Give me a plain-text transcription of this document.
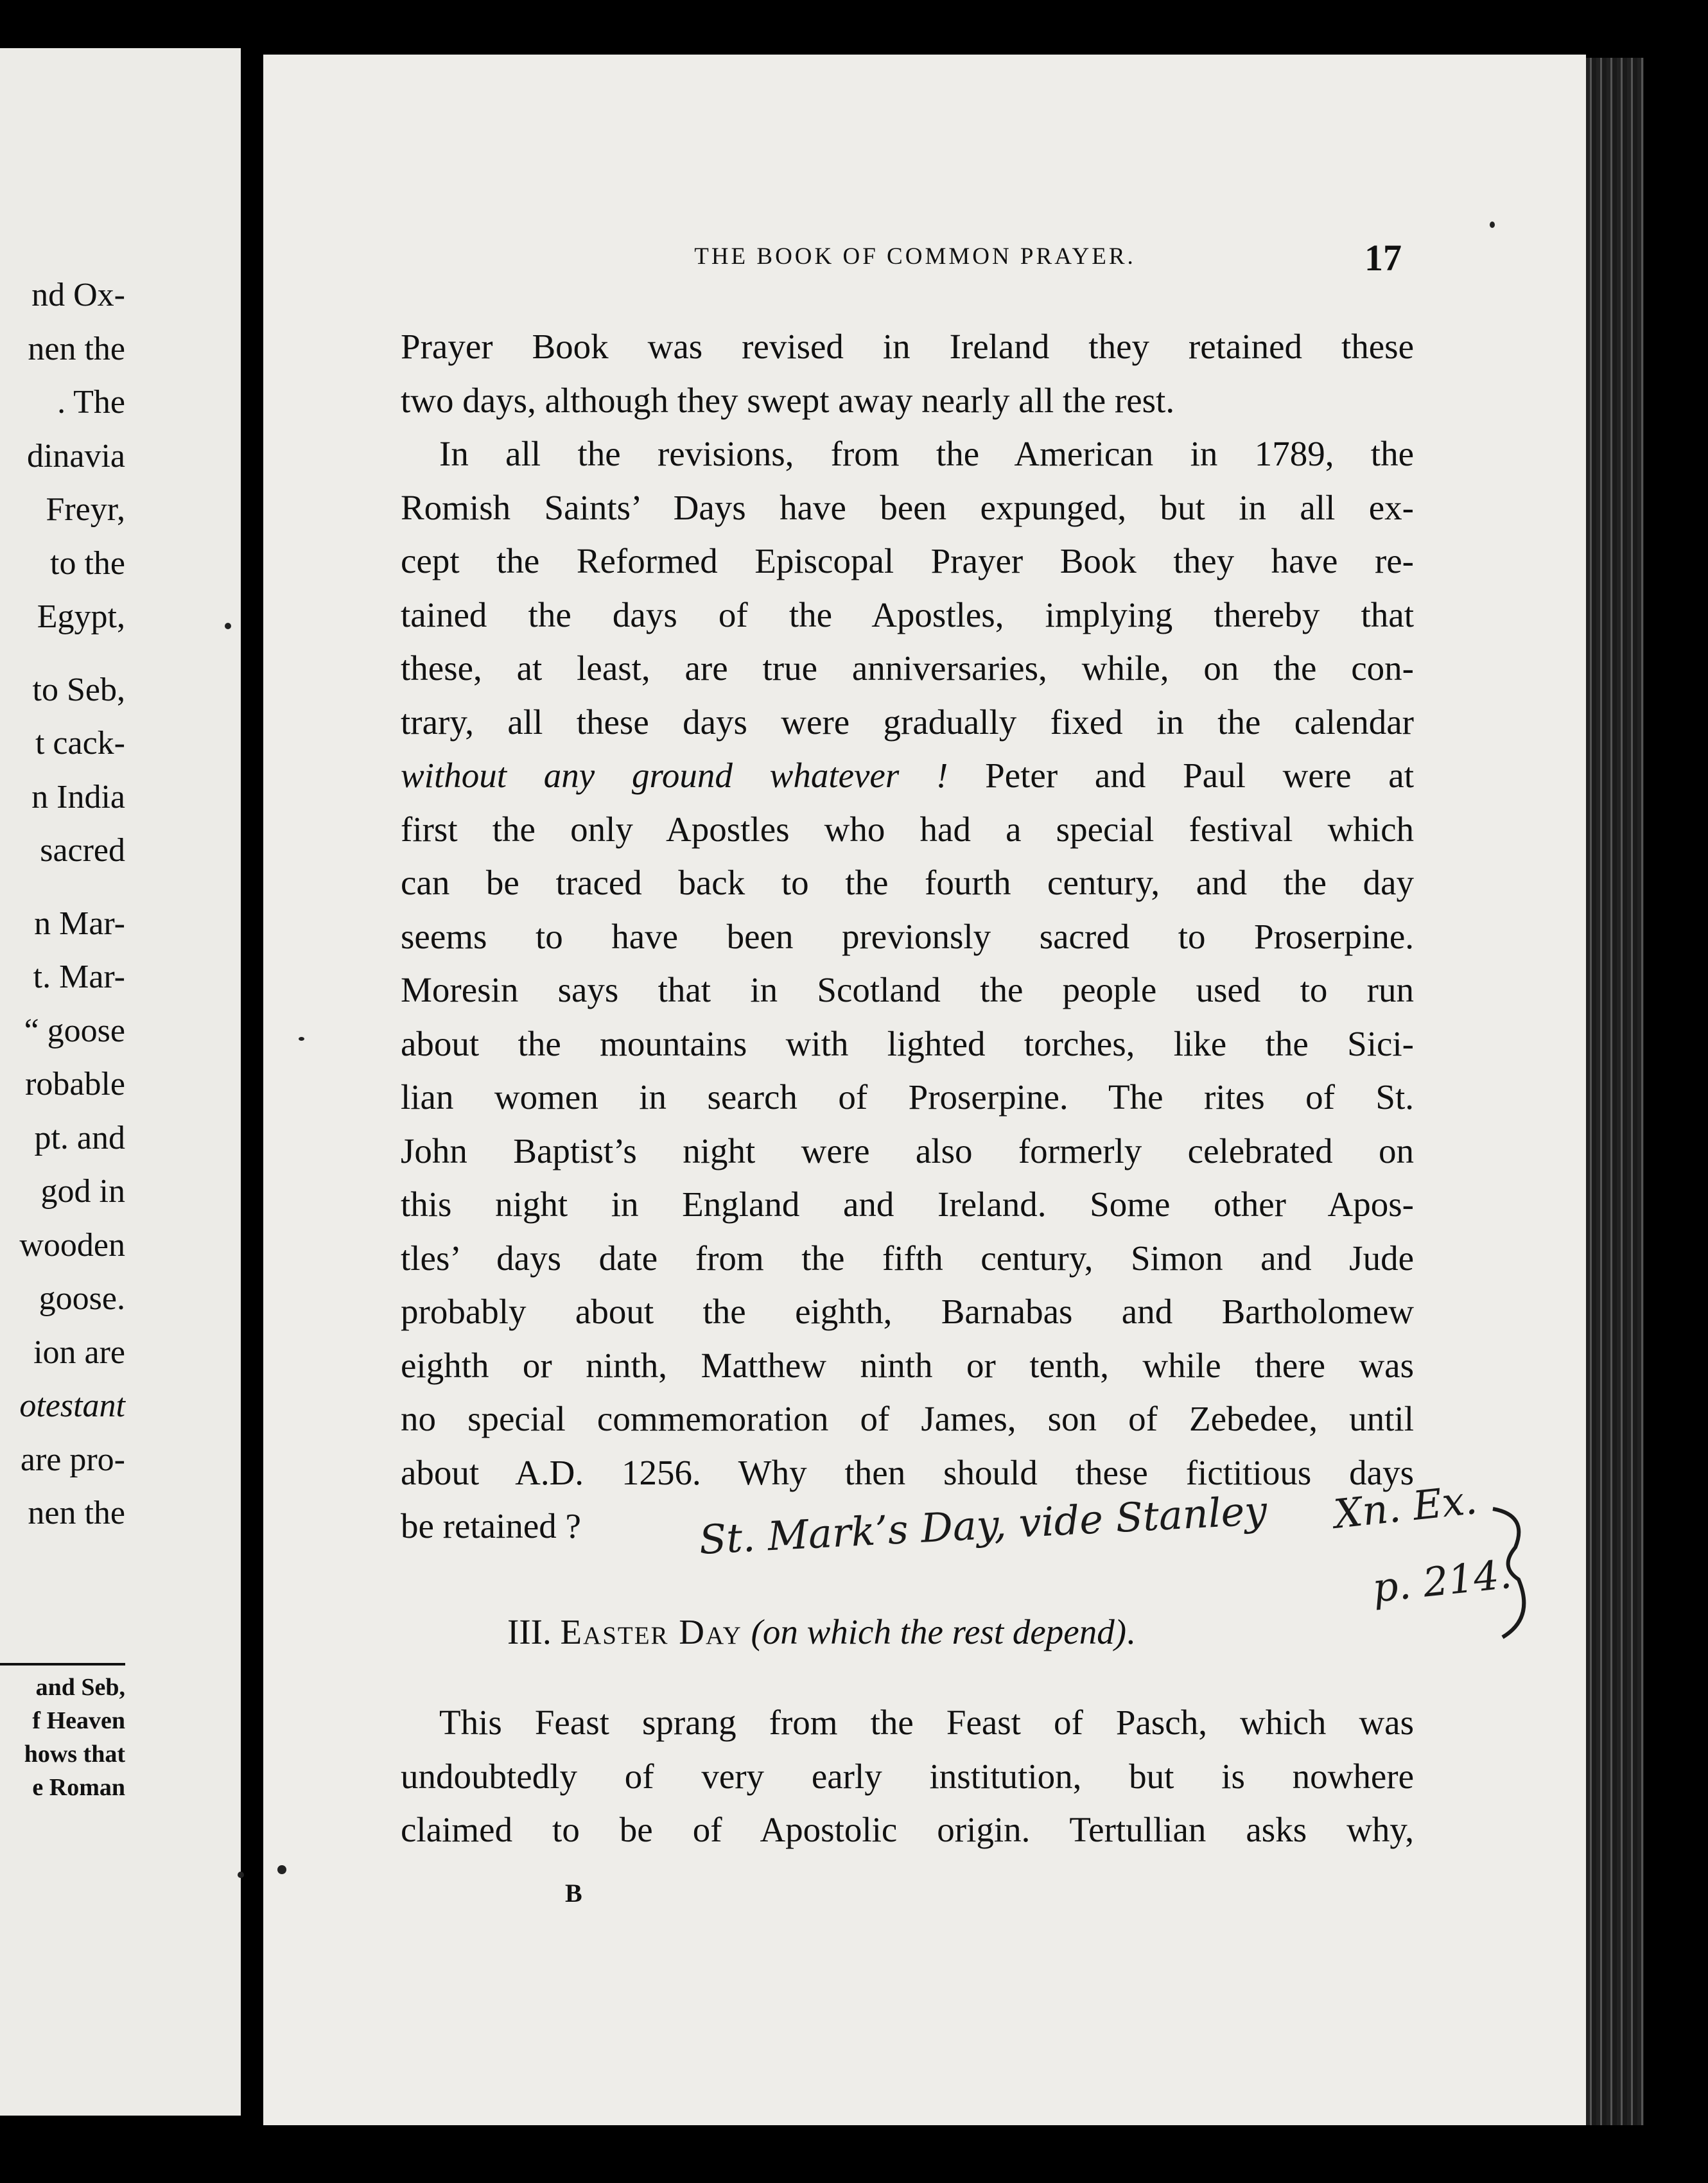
nd Ox-
nen the
. The
dinavia
Freyr,
to the
Egypt,
to Seb,
t cack-
n India
sacred
n Mar-
t. Mar-
“ goose
robable
pt. and
god in
wooden
goose.
ion are
otestant
are pro-
nen the
and Seb,
f Heaven
hows that
e Roman
THE BOOK OF COMMON PRAYER.	17
Prayer Book was revised in Ireland they retained these
two days, although they swept away nearly all the rest.
In all the revisions, from the American in 1789, the
Romish Saints’ Days have been expunged, but in all ex-
cept the Reformed Episcopal Prayer Book they have re-
tained the days of the Apostles, implying thereby that
these, at least, are true anniversaries, while, on the con-
trary, all these days were gradually fixed in the calendar
without any ground whatever ! Peter and Paul were at
first the only Apostles who had a special festival which
can be traced back to the fourth century, and the day
seems to have been previonsly sacred to Proserpine.
Moresin says that in Scotland the people used to run
about the mountains with lighted torches, like the Sici-
lian women in search of Proserpine. The rites of St.
John Baptist’s night were also formerly celebrated on
this night in England and Ireland. Some other Apos-
tles’ days date from the fifth century, Simon and Jude
probably about the eighth, Barnabas and Bartholomew
eighth or ninth, Matthew ninth or tenth, while there was
no special commemoration of James, son of Zebedee, until
about A.D. 1256. Why then should these fictitious days
be retained ?	St. Mark’s Day, vide Stanley Xn. Ex.
p. 214.
III. Easter Day (on which the rest depend).
This Feast sprang from the Feast of Pasch, which was
undoubtedly of very early institution, but is nowhere
claimed to be of Apostolic origin. Tertullian asks why,
B
